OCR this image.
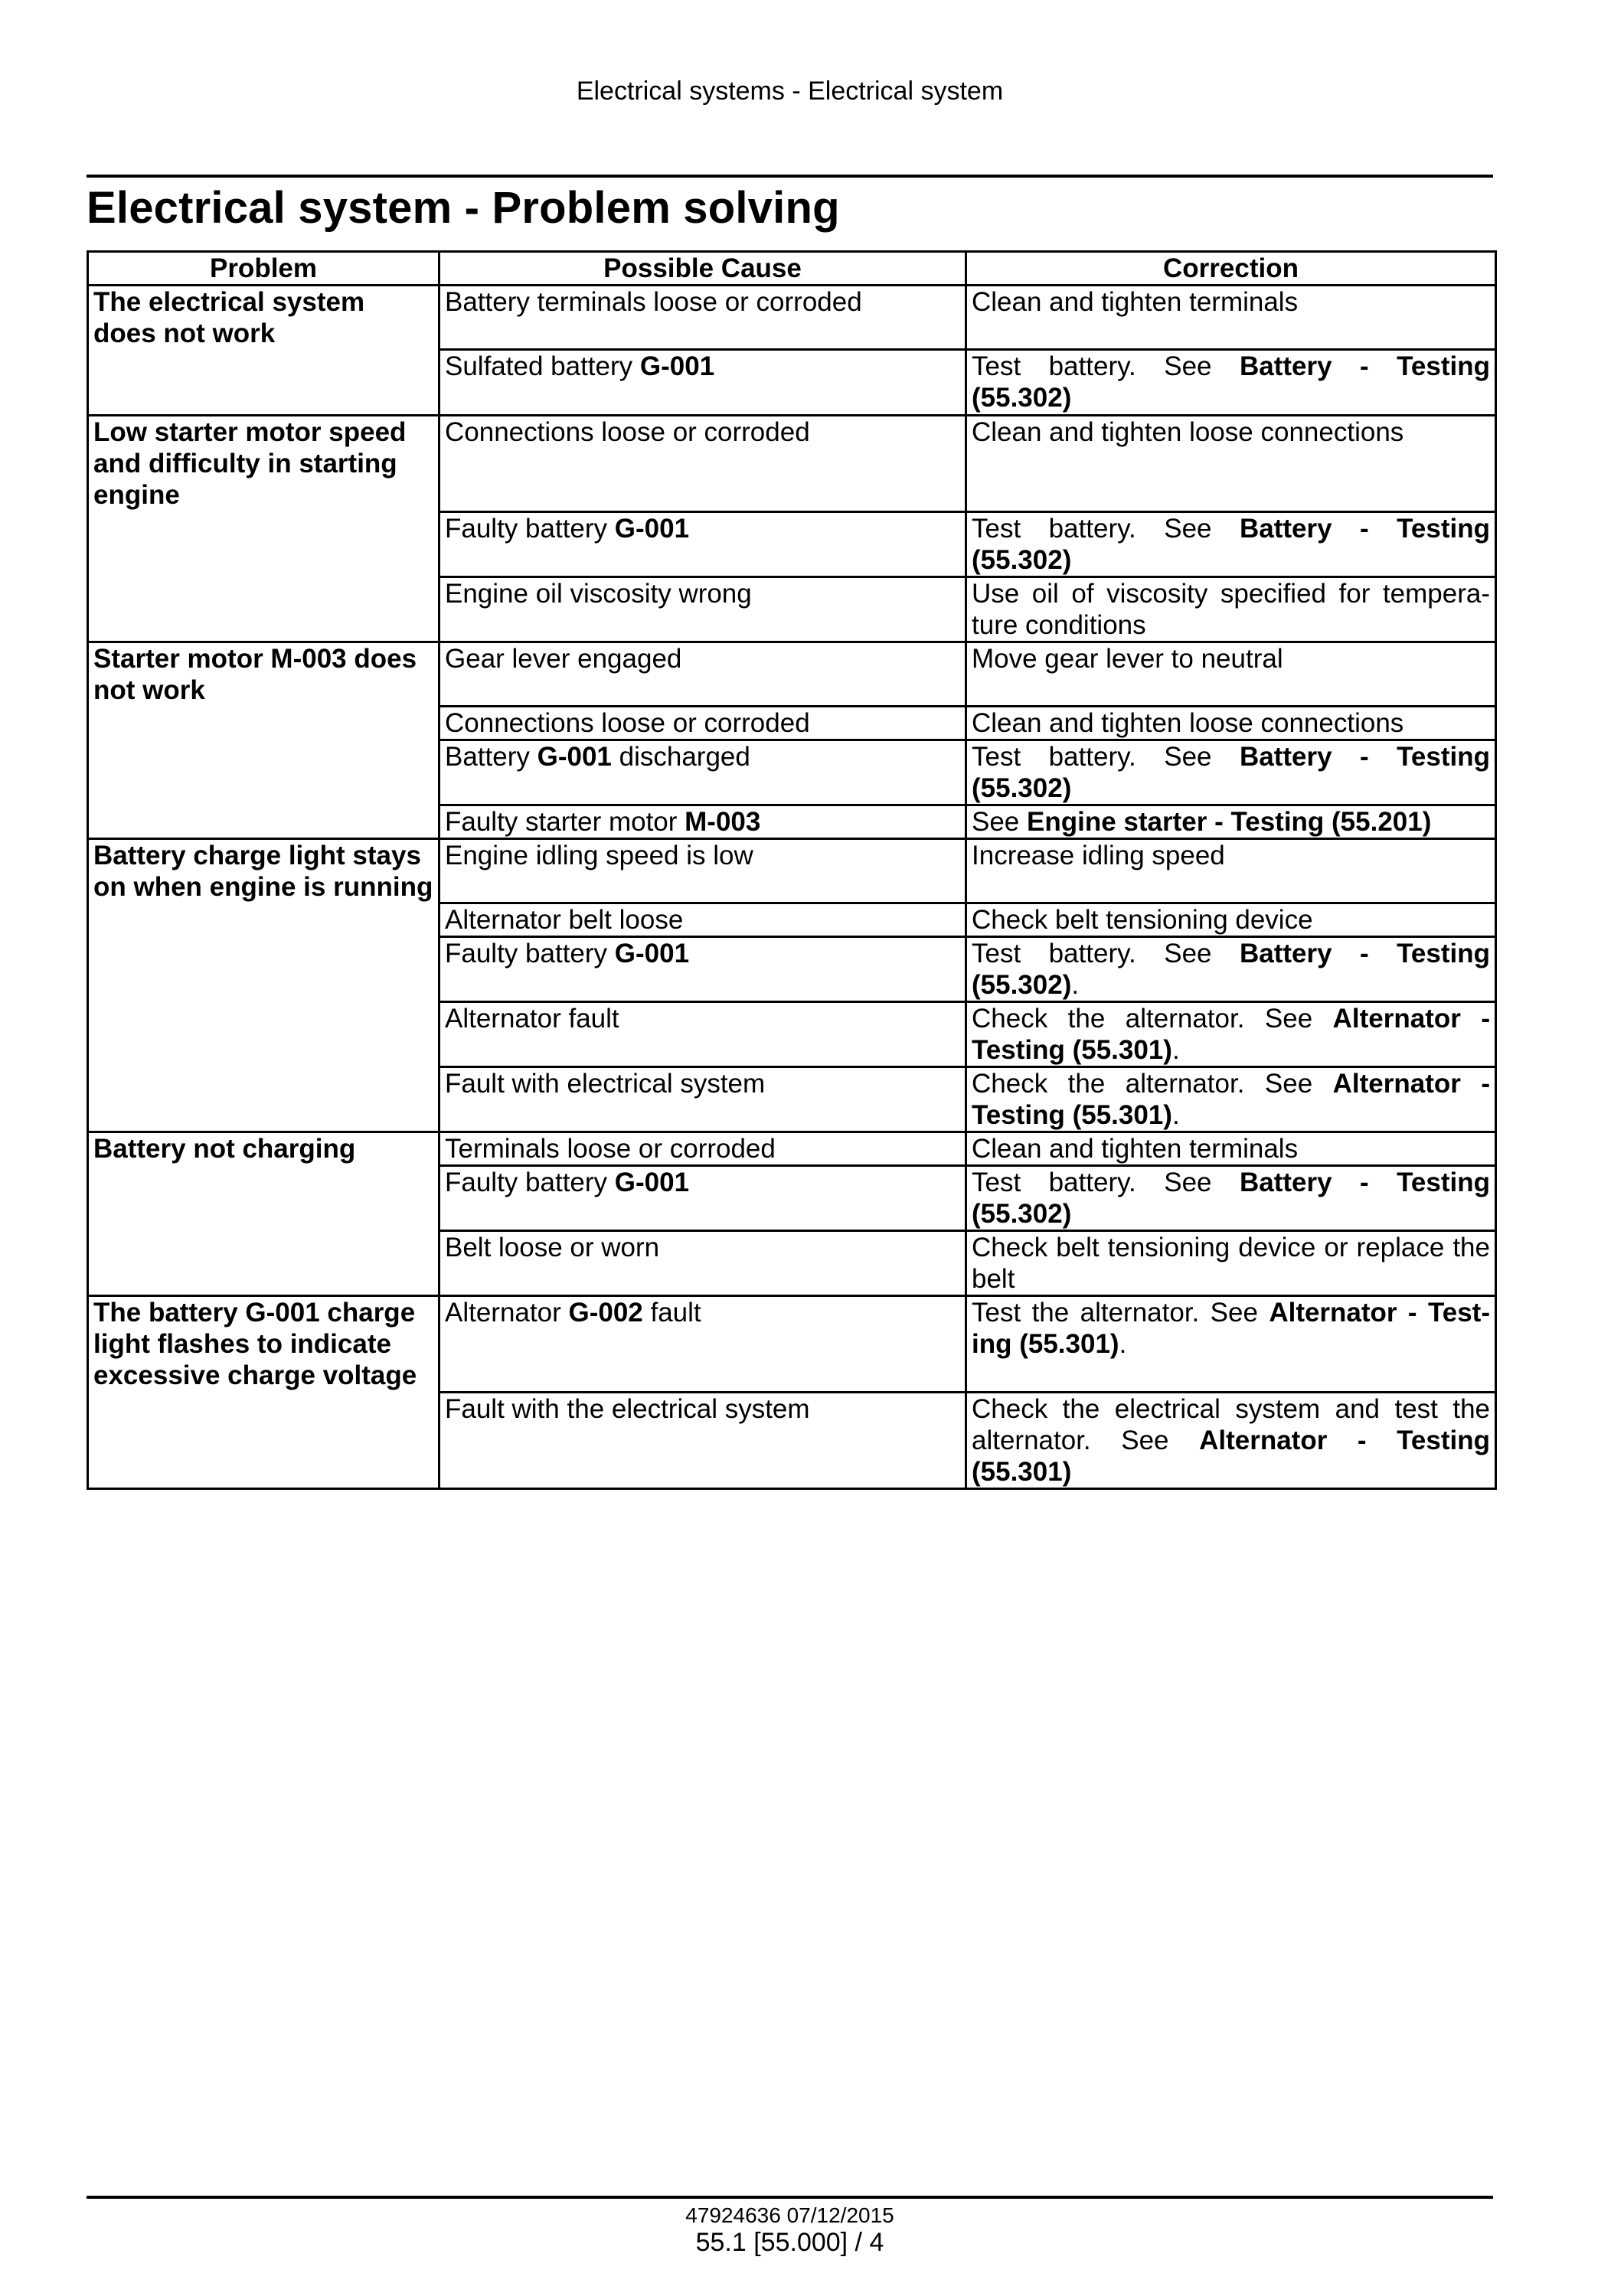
Electrical systems - Electrical system
Electrical system - Problem solving
Problem	Possible Cause	Correction
The electrical system does not work	Battery terminals loose or corroded	Clean and tighten terminals
	Sulfated battery G-001	Test battery. See Battery - Testing (55.302)
Low starter motor speed and difficulty in starting engine	Connections loose or corroded	Clean and tighten loose connections
	Faulty battery G-001	Test battery. See Battery - Testing (55.302)
	Engine oil viscosity wrong	Use oil of viscosity specified for tempera-ture conditions
Starter motor M-003 does not work	Gear lever engaged	Move gear lever to neutral
	Connections loose or corroded	Clean and tighten loose connections
	Battery G-001 discharged	Test battery. See Battery - Testing (55.302)
	Faulty starter motor M-003	See Engine starter - Testing (55.201)
Battery charge light stays on when engine is running	Engine idling speed is low	Increase idling speed
	Alternator belt loose	Check belt tensioning device
	Faulty battery G-001	Test battery. See Battery - Testing (55.302).
	Alternator fault	Check the alternator. See Alternator - Testing (55.301).
	Fault with electrical system	Check the alternator. See Alternator - Testing (55.301).
Battery not charging	Terminals loose or corroded	Clean and tighten terminals
	Faulty battery G-001	Test battery. See Battery - Testing (55.302)
	Belt loose or worn	Check belt tensioning device or replace the belt
The battery G-001 charge light flashes to indicate excessive charge voltage	Alternator G-002 fault	Test the alternator. See Alternator - Test-ing (55.301).
	Fault with the electrical system	Check the electrical system and test the alternator. See Alternator - Testing (55.301)
47924636 07/12/2015
55.1 [55.000] / 4
